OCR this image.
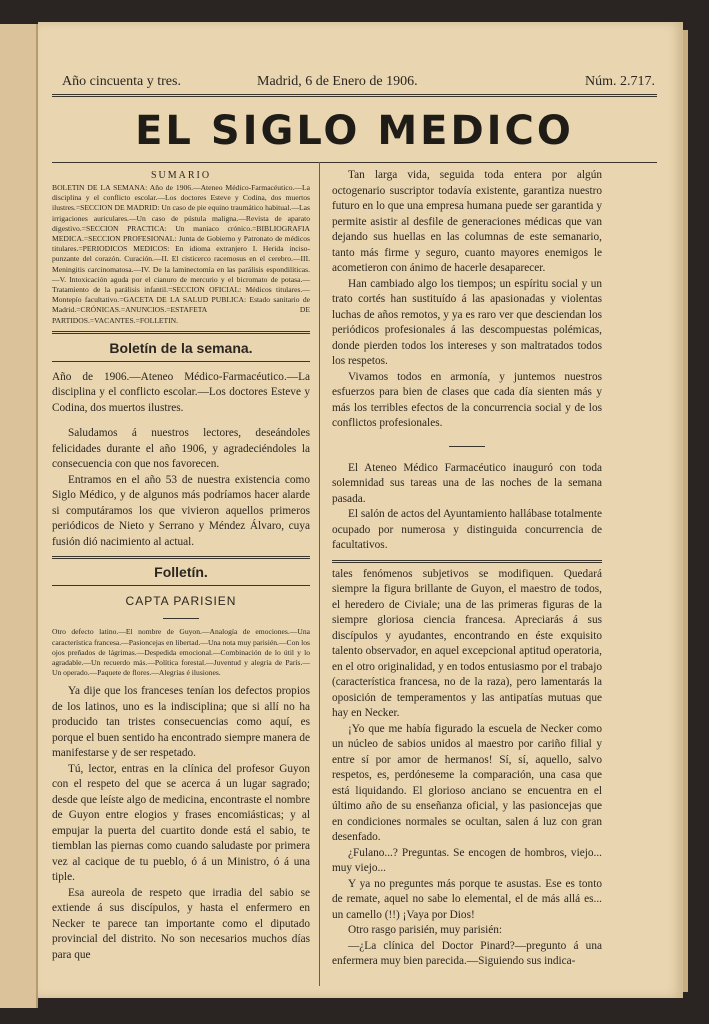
Año cincuenta y tres.	Madrid, 6 de Enero de 1906.	Núm. 2.717.
EL SIGLO MEDICO

SUMARIO

BOLETIN DE LA SEMANA: Año de 1906.—Ateneo Médico-Farmacéutico.—La disciplina y el conflicto escolar.—Los doctores Esteve y Codina, dos muertos ilustres.=SECCION DE MADRID: Un caso de pie equino traumático habitual.—Las irrigaciones auriculares.—Un caso de pústula maligna.—Revista de aparato digestivo.=SECCION PRACTICA: Un maniaco crónico.=BIBLIOGRAFIA MEDICA.=SECCION PROFESIONAL: Junta de Gobierno y Patronato de médicos titulares.=PERIODICOS MEDICOS: En idioma extranjero I. Herida inciso-punzante del corazón. Curación.—II. El cisticerco racemosus en el cerebro.—III. Meningitis carcinomatosa.—IV. De la laminectomía en las parálisis espondilíticas.—V. Intoxicación aguda por el cianuro de mercurio y el bicromato de potasa.—Tratamiento de la parálisis infantil.=SECCION OFICIAL: Médicos titulares.—Montepío facultativo.=GACETA DE LA SALUD PUBLICA: Estado sanitario de Madrid.=CRÓNICAS.=ANUNCIOS.=ESTAFETA DE PARTIDOS.=VACANTES.=FOLLETIN.

Boletín de la semana.

Año de 1906.—Ateneo Médico-Farmacéutico.—La disciplina y el conflicto escolar.—Los doctores Esteve y Codina, dos muertos ilustres.

Saludamos á nuestros lectores, deseándoles felicidades durante el año 1906, y agradeciéndoles la consecuencia con que nos favorecen.

Entramos en el año 53 de nuestra existencia como Siglo Médico, y de algunos más podríamos hacer alarde si computáramos los que vivieron aquellos primeros periódicos de Nieto y Serrano y Méndez Álvaro, cuya fusión dió nacimiento al actual.

Folletín.

CAPTA PARISIEN

Otro defecto latino.—El nombre de Guyon.—Analogía de emociones.—Una característica francesa.—Pasioncejas en libertad.—Una nota muy parisién.—Con los ojos preñados de lágrimas.—Despedida emocional.—Combinación de lo útil y lo agradable.—Un recuerdo más.—Política forestal.—Juventud y alegría de París.—Un operado.—Paquete de flores.—Alegrías é ilusiones.

Ya dije que los franceses tenían los defectos propios de los latinos, uno es la indisciplina; que si allí no ha producido tan tristes consecuencias como aquí, es porque el buen sentido ha encontrado siempre manera de manifestarse y de ser respetado.

Tú, lector, entras en la clínica del profesor Guyon con el respeto del que se acerca á un lugar sagrado; desde que leíste algo de medicina, encontraste el nombre de Guyon entre elogios y frases encomiásticas; y al empujar la puerta del cuartito donde está el sabio, te tiemblan las piernas como cuando saludaste por primera vez al cacique de tu pueblo, ó á un Ministro, ó á una tiple.

Esa aureola de respeto que irradia del sabio se extiende á sus discípulos, y hasta el enfermero en Necker te parece tan importante como el diputado provincial del distrito. No son necesarios muchos días para que

Tan larga vida, seguida toda entera por algún octogenario suscriptor todavía existente, garantiza nuestro futuro en lo que una empresa humana puede ser garantida y permite asistir al desfile de generaciones médicas que van dejando sus huellas en las columnas de este semanario, tanto más firme y seguro, cuanto mayores enemigos le acometieron con ánimo de hacerle desaparecer.

Han cambiado algo los tiempos; un espíritu social y un trato cortés han sustituído á las apasionadas y violentas luchas de años remotos, y ya es raro ver que desciendan los periódicos profesionales á las descompuestas polémicas, donde pierden todos los intereses y son maltratados todos los respetos.

Vivamos todos en armonía, y juntemos nuestros esfuerzos para bien de clases que cada día sienten más y más los terribles efectos de la concurrencia social y de los conflictos profesionales.

El Ateneo Médico Farmacéutico inauguró con toda solemnidad sus tareas una de las noches de la semana pasada.

El salón de actos del Ayuntamiento hallábase totalmente ocupado por numerosa y distinguida concurrencia de facultativos.

tales fenómenos subjetivos se modifiquen. Quedará siempre la figura brillante de Guyon, el maestro de todos, el heredero de Civiale; una de las primeras figuras de la siempre gloriosa ciencia francesa. Apreciarás á sus discípulos y ayudantes, encontrando en éste exquisito talento observador, en aquel excepcional aptitud operatoria, en el otro originalidad, y en todos entusiasmo por el trabajo (característica francesa, no de la raza), pero lamentarás la oposición de temperamentos y las antipatías mutuas que hay en Necker.

¡Yo que me había figurado la escuela de Necker como un núcleo de sabios unidos al maestro por cariño filial y entre sí por amor de hermanos! Sí, sí, aquello, salvo respetos, es, perdóneseme la comparación, una casa que está liquidando. El glorioso anciano se encuentra en el último año de su enseñanza oficial, y las pasioncejas que en condiciones normales se ocultan, salen á luz con gran desenfado.

¿Fulano...? Preguntas. Se encogen de hombros, viejo... muy viejo...

Y ya no preguntes más porque te asustas. Ese es tonto de remate, aquel no sabe lo elemental, el de más allá es... un camello (!!) ¡Vaya por Dios!

Otro rasgo parisién, muy parisién:

—¿La clínica del Doctor Pinard?—pregunto á una enfermera muy bien parecida.—Siguiendo sus indica-
